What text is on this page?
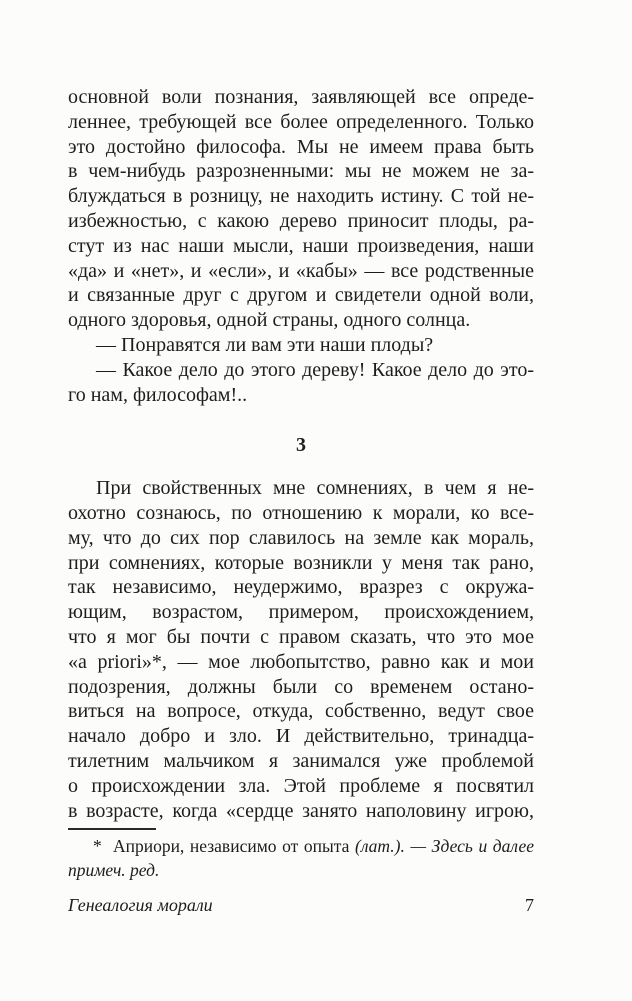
основной воли познания, заявляющей все опреде-
леннее, требующей все более определенного. Только
это достойно философа. Мы не имеем права быть
в чем-нибудь разрозненными: мы не можем не за-
блуждаться в розницу, не находить истину. С той не-
избежностью, с какою дерево приносит плоды, ра-
стут из нас наши мысли, наши произведения, наши
«да» и «нет», и «если», и «кабы» — все родственные
и связанные друг с другом и свидетели одной воли,
одного здоровья, одной страны, одного солнца.
— Понравятся ли вам эти наши плоды?
— Какое дело до этого дереву! Какое дело до это-
го нам, философам!..
3
При свойственных мне сомнениях, в чем я не-
охотно сознаюсь, по отношению к морали, ко все-
му, что до сих пор славилось на земле как мораль,
при сомнениях, которые возникли у меня так рано,
так независимо, неудержимо, вразрез с окружа-
ющим, возрастом, примером, происхождением,
что я мог бы почти с правом сказать, что это мое
«a priori»*, — мое любопытство, равно как и мои
подозрения, должны были со временем остано-
виться на вопросе, откуда, собственно, ведут свое
начало добро и зло. И действительно, тринадца-
тилетним мальчиком я занимался уже проблемой
о происхождении зла. Этой проблеме я посвятил
в возрасте, когда «сердце занято наполовину игрою,
*  Априори, независимо от опыта (лат.). — Здесь и далее
примеч. ред.
Генеалогия морали	7
